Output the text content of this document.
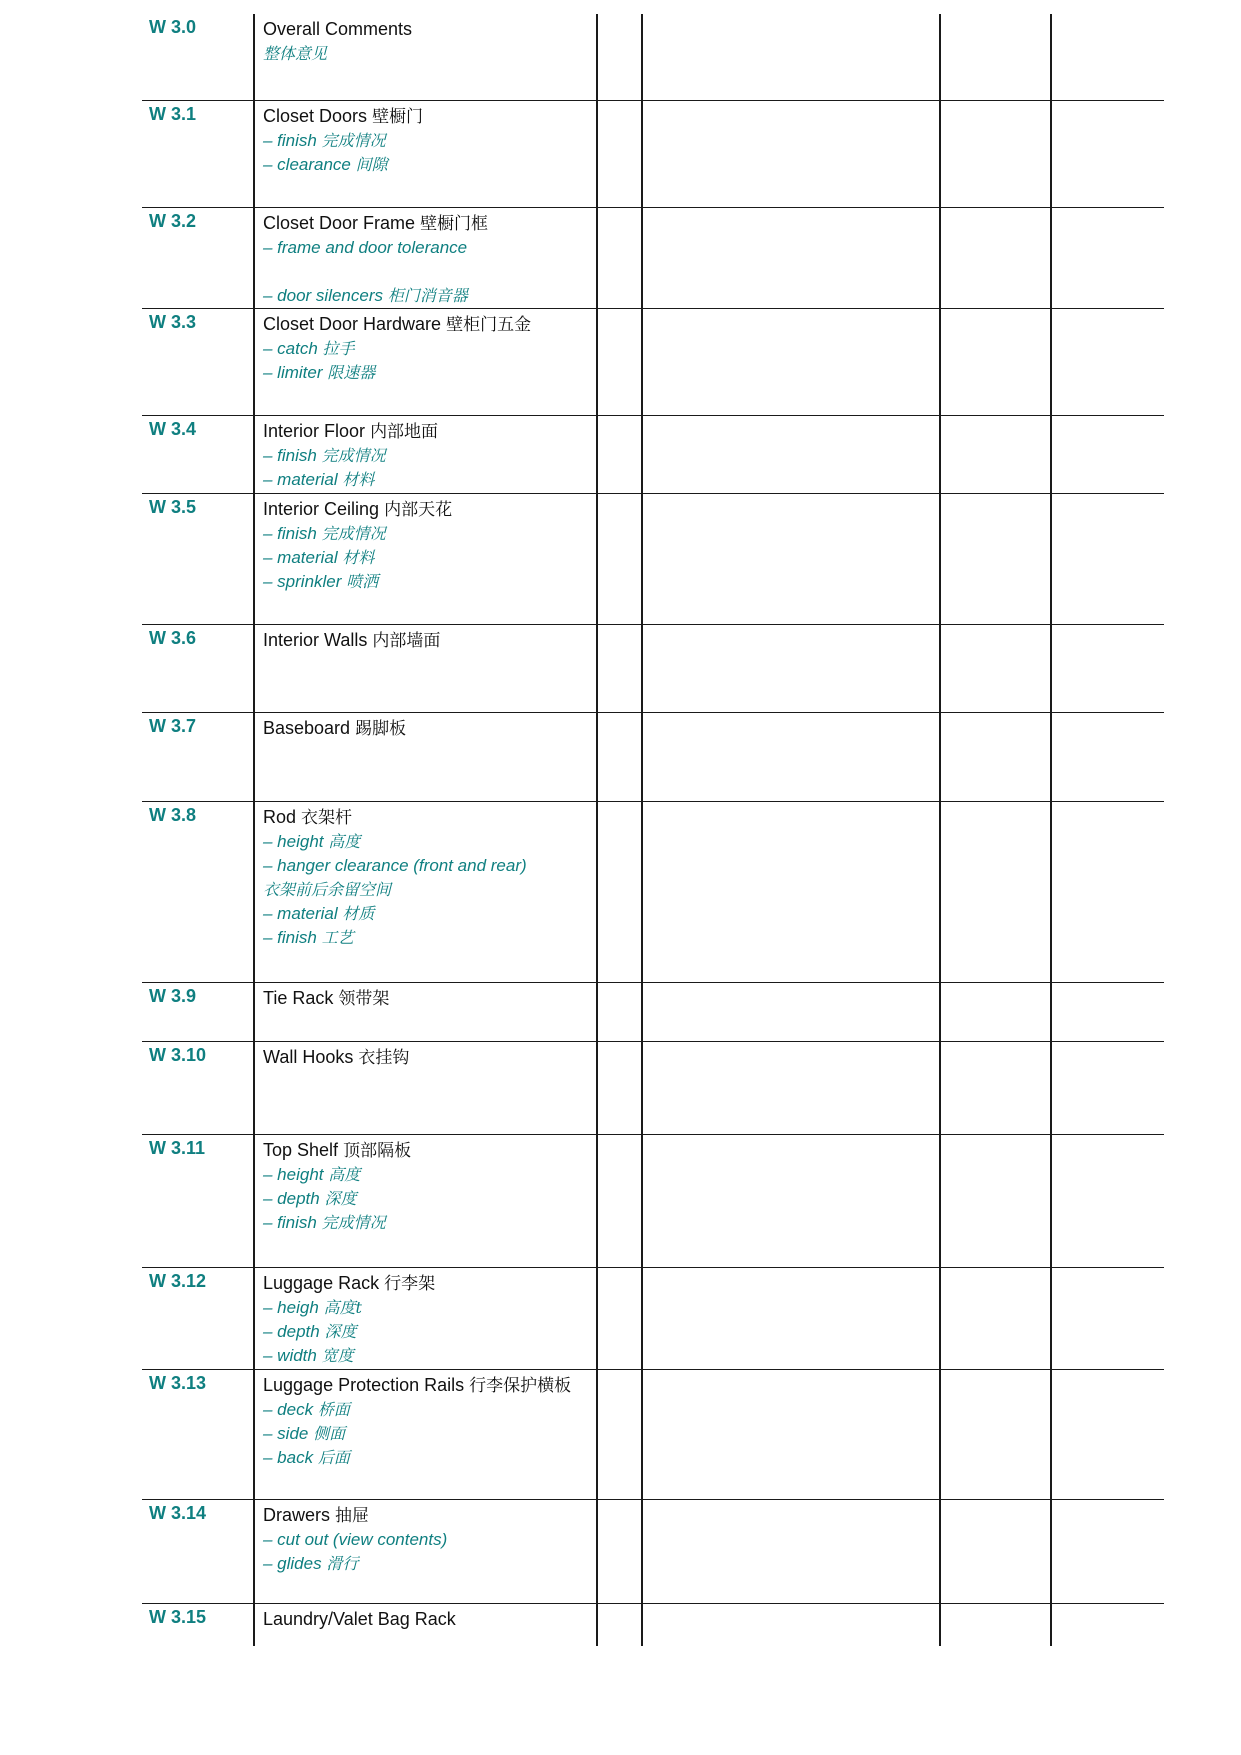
W 3.0	Overall Comments
整体意见
W 3.1	Closet Doors 壁橱门
– finish 完成情况
– clearance 间隙
W 3.2	Closet Door Frame 壁橱门框
– frame and door tolerance
– door silencers 柜门消音器
W 3.3	Closet Door Hardware 壁柜门五金
– catch 拉手
– limiter 限速器
W 3.4	Interior Floor 内部地面
– finish 完成情况
– material 材料
W 3.5	Interior Ceiling 内部天花
– finish 完成情况
– material 材料
– sprinkler 喷洒
W 3.6	Interior Walls 内部墙面
W 3.7	Baseboard 踢脚板
W 3.8	Rod 衣架杆
– height 高度
– hanger clearance (front and rear)
衣架前后余留空间
– material 材质
– finish 工艺
W 3.9	Tie Rack 领带架
W 3.10	Wall Hooks 衣挂钩
W 3.11	Top Shelf 顶部隔板
– height 高度
– depth 深度
– finish 完成情况
W 3.12	Luggage Rack 行李架
– heigh 高度t
– depth 深度
– width 宽度
W 3.13	Luggage Protection Rails 行李保护横板
– deck 桥面
– side 侧面
– back 后面
W 3.14	Drawers 抽屉
– cut out (view contents)
– glides 滑行
W 3.15	Laundry/Valet Bag Rack
